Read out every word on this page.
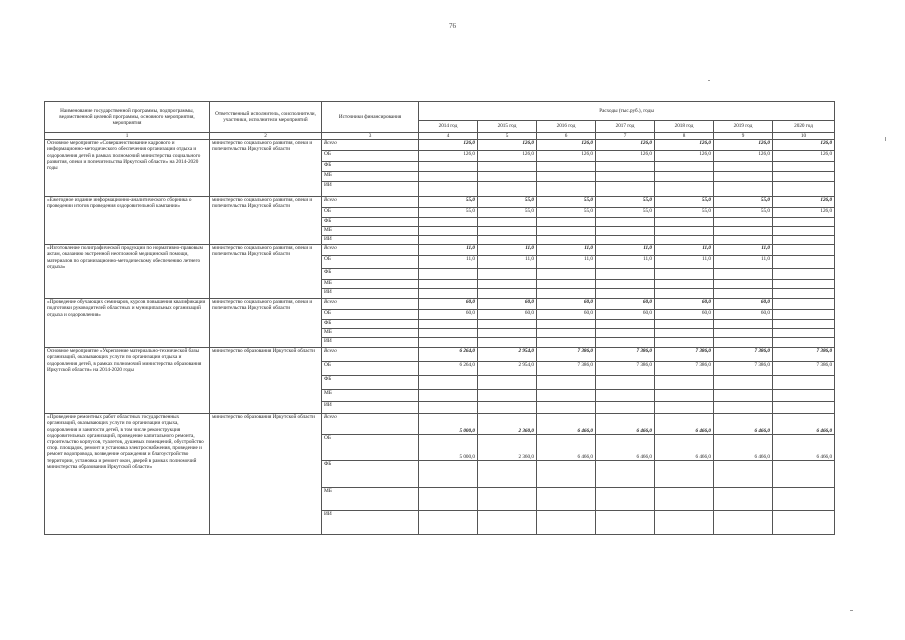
76
Наименование государственной программы, подпрограммы, ведомственной целевой программы, основного мероприятия, мероприятия	Ответственный исполнитель, соисполнители, участники, исполнители мероприятий	Источники финансирования	Расходы (тыс.руб.), годы						
			2014 год	2015 год	2016 год	2017 год	2018 год	2019 год	2020 год
1	2	3	4	5	6	7	8	9	10
Основное мероприятие «Совершенствование кадрового и информационно-методического обеспечения организации отдыха и оздоровления детей в рамках полномочий министерства социального развития, опеки и попечительства Иркутской области» на 2014-2020 годы	министерство социального развития, опеки и попечительства Иркутской области	Всего	126,0	126,0	126,0	126,0	126,0	126,0	126,0
		ОБ	126,0	126,0	126,0	126,0	126,0	126,0	126,0
		ФБ							
		МБ							
		ИИ							
«Ежегодное издание информационно-аналитического сборника о проведении итогов проведения оздоровительной кампании»	министерство социального развития, опеки и попечительства Иркутской области	Всего	55,0	55,0	55,0	55,0	55,0	55,0	126,0
		ОБ	55,0	55,0	55,0	55,0	55,0	55,0	126,0
		ФБ							
		МБ							
		ИИ							
«Изготовление полиграфической продукции по нормативно-правовым актам, оказанию экстренной неотложной медицинской помощи, материалов по организационно-методическому обеспечению летнего отдыха»	министерство социального развития, опеки и попечительства Иркутской области	Всего	11,0	11,0	11,0	11,0	11,0	11,0	
		ОБ	11,0	11,0	11,0	11,0	11,0	11,0	
		ФБ							
		МБ							
		ИИ							
«Проведение обучающих семинаров, курсов повышения квалификации подготовки руководителей областных и муниципальных организаций отдыха и оздоровления»	министерство социального развития, опеки и попечительства Иркутской области	Всего	60,0	60,0	60,0	60,0	60,0	60,0	
		ОБ	60,0	60,0	60,0	60,0	60,0	60,0	
		ФБ							
		МБ							
		ИИ							
Основное мероприятие «Укрепление материально-технической базы организаций, оказывающих услуги по организации отдыха и оздоровления детей, в рамках полномочий министерства образования Иркутской области» на 2014-2020 годы	министерство образования Иркутской области	Всего	6 264,0	2 954,0	7 386,0	7 386,0	7 386,0	7 386,0	7 386,0
		ОБ	6 264,0	2 954,0	7 386,0	7 386,0	7 386,0	7 386,0	7 386,0
		ФБ							
		МБ							
		ИИ							
«Проведение ремонтных работ областных государственных организаций, оказывающих услуги по организации отдыха, оздоровления и занятости детей, в том числе реконструкция оздоровительных организаций, проведение капитального ремонта, строительство корпусов, туалетов, душевых помещений, обустройство спор. площадок, ремонт и установка электроснабжения, проведение и ремонт водопровода, возведение ограждения и благоустройство территории, установка и ремонт окон, дверей в рамках полномочий министерства образования Иркутской области»	министерство образования Иркутской области	Всего	5 000,0	2 360,0	6 466,0	6 466,0	6 466,0	6 466,0	6 466,0
		ОБ	5 000,0	2 360,0	6 466,0	6 466,0	6 466,0	6 466,0	6 466,0
		ФБ							
		МБ							
		ИИ							
